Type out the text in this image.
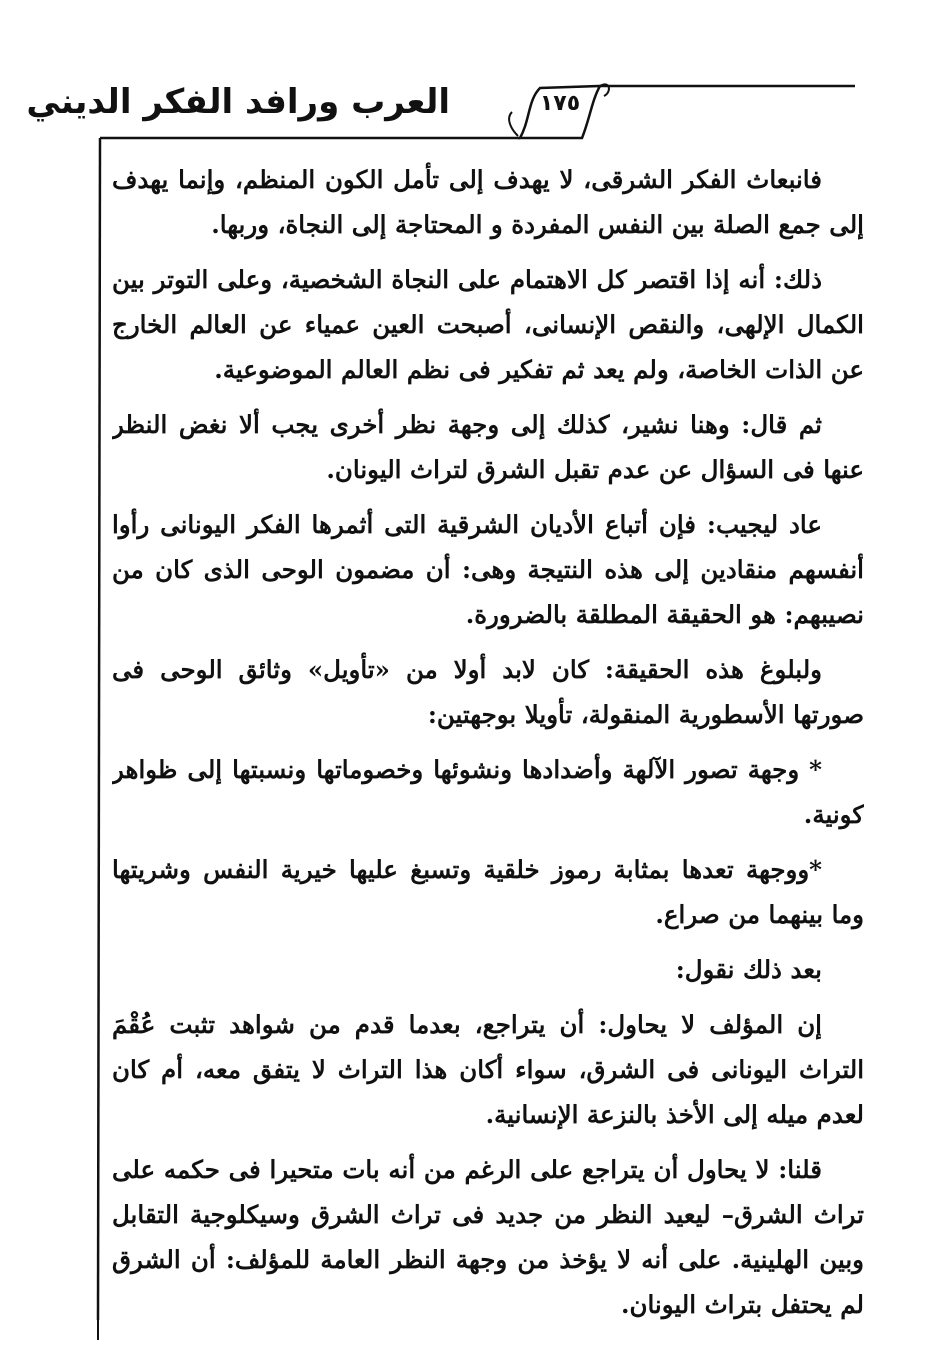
العرب ورافد الفكر الديني	١٧٥

فانبعاث الفكر الشرقى، لا يهدف إلى تأمل الكون المنظم، وإنما يهدف إلى جمع الصلة بين النفس المفردة و المحتاجة إلى النجاة، وربها.

ذلك: أنه إذا اقتصر كل الاهتمام على النجاة الشخصية، وعلى التوتر بين الكمال الإلهى، والنقص الإنسانى، أصبحت العين عمياء عن العالم الخارج عن الذات الخاصة، ولم يعد ثم تفكير فى نظم العالم الموضوعية.

ثم قال: وهنا نشير، كذلك إلى وجهة نظر أخرى يجب ألا نغض النظر عنها فى السؤال عن عدم تقبل الشرق لتراث اليونان.

عاد ليجيب: فإن أتباع الأديان الشرقية التى أثمرها الفكر اليونانى رأوا أنفسهم منقادين إلى هذه النتيجة وهى: أن مضمون الوحى الذى كان من نصيبهم: هو الحقيقة المطلقة بالضرورة.

ولبلوغ هذه الحقيقة: كان لابد أولا من «تأويل» وثائق الوحى فى صورتها الأسطورية المنقولة، تأويلا بوجهتين:

* وجهة تصور الآلهة وأضدادها ونشوئها وخصوماتها ونسبتها إلى ظواهر كونية.

*ووجهة تعدها بمثابة رموز خلقية وتسبغ عليها خيرية النفس وشريتها وما بينهما من صراع.

بعد ذلك نقول:

إن المؤلف لا يحاول: أن يتراجع، بعدما قدم من شواهد تثبت عُقْمَ التراث اليونانى فى الشرق، سواء أكان هذا التراث لا يتفق معه، أم كان لعدم ميله إلى الأخذ بالنزعة الإنسانية.

قلنا: لا يحاول أن يتراجع على الرغم من أنه بات متحيرا فى حكمه على تراث الشرق– ليعيد النظر من جديد فى تراث الشرق وسيكلوجية التقابل وبين الهلينية. على أنه لا يؤخذ من وجهة النظر العامة للمؤلف: أن الشرق لم يحتفل بتراث اليونان.
